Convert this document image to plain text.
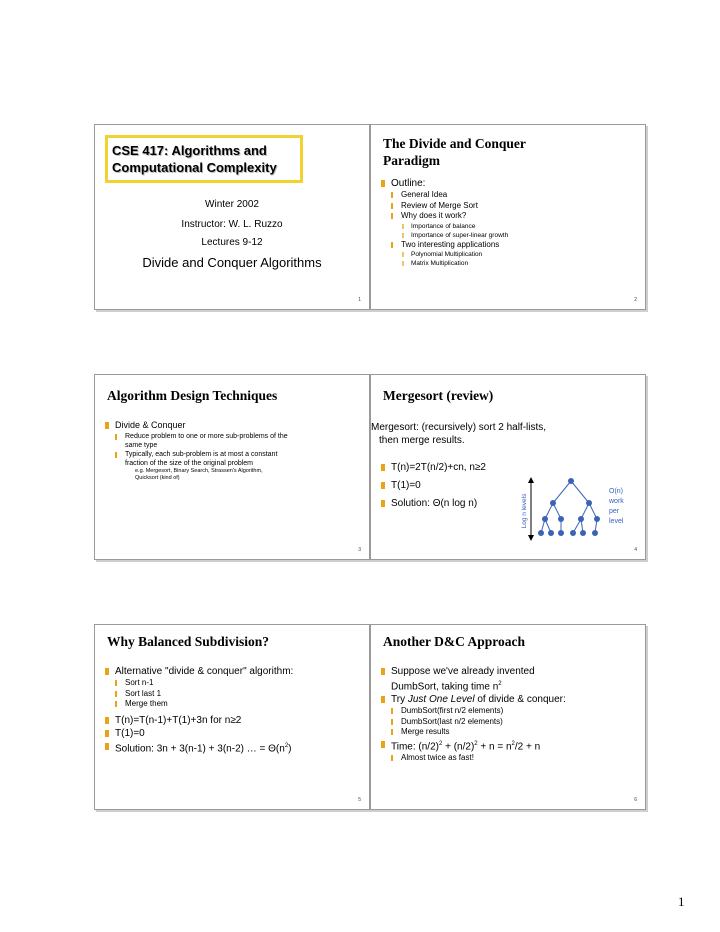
CSE 417: Algorithms and
Computational Complexity
Winter 2002
Instructor: W. L. Ruzzo
Lectures 9-12
Divide and Conquer Algorithms
1
The Divide and Conquer
Paradigm
Outline:
General Idea
Review of Merge Sort
Why does it work?
Importance of balance
Importance of super-linear growth
Two interesting applications
Polynomial Multiplication
Matrix Multiplication
2
Algorithm Design Techniques
Divide & Conquer
Reduce problem to one or more sub-problems of the
same type
Typically, each sub-problem is at most a constant
fraction of the size of the original problem
e.g. Mergesort, Binary Search, Strassen's Algorithm,
Quicksort (kind of)
3
Mergesort (review)
Mergesort: (recursively) sort 2 half-lists,
then merge results.
T(n)=2T(n/2)+cn, n≥2
T(1)=0
Solution: Θ(n log n)	Log n levels
O(n)
work
per
level
4
Why Balanced Subdivision?
Alternative "divide & conquer" algorithm:
Sort n-1
Sort last 1
Merge them
T(n)=T(n-1)+T(1)+3n for n≥2
T(1)=0
Solution: 3n + 3(n-1) + 3(n-2) … = $\Theta(n^2)$
5
Another D&C Approach
Suppose we've already invented
DumbSort, taking time $n^2$
Try Just One Level of divide & conquer:
DumbSort(first n/2 elements)
DumbSort(last n/2 elements)
Merge results
Time: $(n/2)^2 + (n/2)^2 + n = n^2/2 + n$
Almost twice as fast!
6
1
